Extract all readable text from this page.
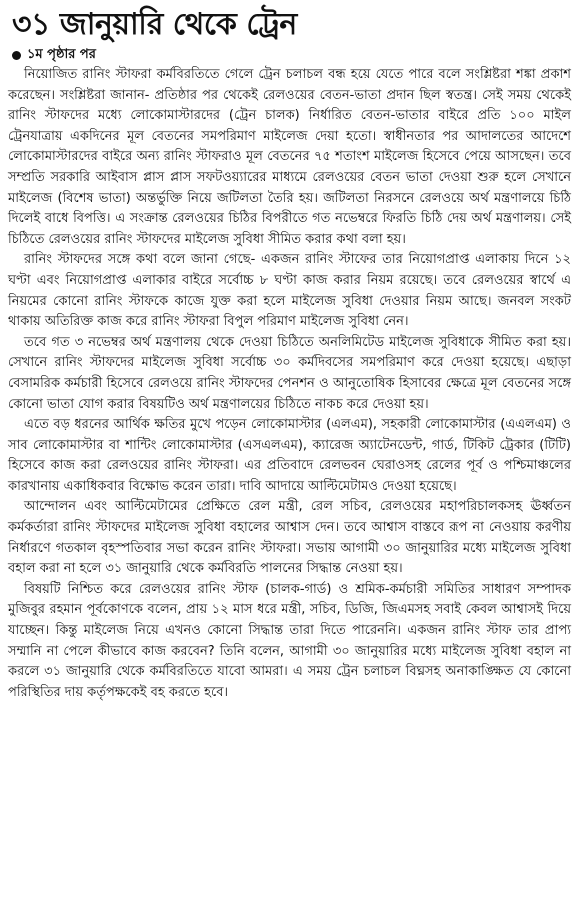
৩১ জানুয়ারি থেকে ট্রেন
১ম পৃষ্ঠার পর

নিয়োজিত রানিং স্টাফরা কর্মবিরতিতে গেলে ট্রেন চলাচল বন্ধ হয়ে যেতে পারে বলে সংশ্লিষ্টরা শঙ্কা প্রকাশ করেছেন। সংশ্লিষ্টরা জানান- প্রতিষ্ঠার পর থেকেই রেলওয়ের বেতন-ভাতা প্রদান ছিল স্বতন্ত্র। সেই সময় থেকেই রানিং স্টাফদের মধ্যে লোকোমাস্টারদের (ট্রেন চালক) নির্ধারিত বেতন-ভাতার বাইরে প্রতি ১০০ মাইল ট্রেনযাত্রায় একদিনের মূল বেতনের সমপরিমাণ মাইলেজ দেয়া হতো। স্বাধীনতার পর আদালতের আদেশে লোকোমাস্টারদের বাইরে অন্য রানিং স্টাফরাও মূল বেতনের ৭৫ শতাংশ মাইলেজ হিসেবে পেয়ে আসছেন। তবে সম্প্রতি সরকারি আইবাস প্লাস প্লাস সফটওয়্যারের মাধ্যমে রেলওয়ের বেতন ভাতা দেওয়া শুরু হলে সেখানে মাইলেজ (বিশেষ ভাতা) অন্তর্ভুক্তি নিয়ে জটিলতা তৈরি হয়। জটিলতা নিরসনে রেলওয়ে অর্থ মন্ত্রণালয়ে চিঠি দিলেই বাধে বিপত্তি। এ সংক্রান্ত রেলওয়ের চিঠির বিপরীতে গত নভেম্বরে ফিরতি চিঠি দেয় অর্থ মন্ত্রণালয়। সেই চিঠিতে রেলওয়ের রানিং স্টাফদের মাইলেজ সুবিধা সীমিত করার কথা বলা হয়।

রানিং স্টাফদের সঙ্গে কথা বলে জানা গেছে- একজন রানিং স্টাফের তার নিয়োগপ্রাপ্ত এলাকায় দিনে ১২ ঘণ্টা এবং নিয়োগপ্রাপ্ত এলাকার বাইরে সর্বোচ্চ ৮ ঘণ্টা কাজ করার নিয়ম রয়েছে। তবে রেলওয়ের স্বার্থে এ নিয়মের কোনো রানিং স্টাফকে কাজে যুক্ত করা হলে মাইলেজ সুবিধা দেওয়ার নিয়ম আছে। জনবল সংকট থাকায় অতিরিক্ত কাজ করে রানিং স্টাফরা বিপুল পরিমাণ মাইলেজ সুবিধা নেন।

তবে গত ৩ নভেম্বর অর্থ মন্ত্রণালয় থেকে দেওয়া চিঠিতে অনলিমিটেড মাইলেজ সুবিধাকে সীমিত করা হয়। সেখানে রানিং স্টাফদের মাইলেজ সুবিধা সর্বোচ্চ ৩০ কর্মদিবসের সমপরিমাণ করে দেওয়া হয়েছে। এছাড়া বেসামরিক কর্মচারী হিসেবে রেলওয়ে রানিং স্টাফদের পেনশন ও আনুতোষিক হিসাবের ক্ষেত্রে মূল বেতনের সঙ্গে কোনো ভাতা যোগ করার বিষয়টিও অর্থ মন্ত্রণালয়ের চিঠিতে নাকচ করে দেওয়া হয়।

এতে বড় ধরনের আর্থিক ক্ষতির মুখে পড়েন লোকোমাস্টার (এলএম), সহকারী লোকোমাস্টার (এএলএম) ও সাব লোকোমাস্টার বা শান্টিং লোকোমাস্টার (এসএলএম), ক্যারেজ অ্যাটেনডেন্ট, গার্ড, টিকিট ট্রেকার (টিটি) হিসেবে কাজ করা রেলওয়ের রানিং স্টাফরা। এর প্রতিবাদে রেলভবন ঘেরাওসহ রেলের পূর্ব ও পশ্চিমাঞ্চলের কারখানায় একাধিকবার বিক্ষোভ করেন তারা। দাবি আদায়ে আল্টিমেটামও দেওয়া হয়েছে।

আন্দোলন এবং আল্টিমেটামের প্রেক্ষিতে রেল মন্ত্রী, রেল সচিব, রেলওয়ের মহাপরিচালকসহ ঊর্ধ্বতন কর্মকর্তারা রানিং স্টাফদের মাইলেজ সুবিধা বহালের আশ্বাস দেন। তবে আশ্বাস বাস্তবে রূপ না নেওয়ায় করণীয় নির্ধারণে গতকাল বৃহস্পতিবার সভা করেন রানিং স্টাফরা। সভায় আগামী ৩০ জানুয়ারির মধ্যে মাইলেজ সুবিধা বহাল করা না হলে ৩১ জানুয়ারি থেকে কর্মবিরতি পালনের সিদ্ধান্ত নেওয়া হয়।

বিষয়টি নিশ্চিত করে রেলওয়ের রানিং স্টাফ (চালক-গার্ড) ও শ্রমিক-কর্মচারী সমিতির সাধারণ সম্পাদক মুজিবুর রহমান পূর্বকোণকে বলেন, প্রায় ১২ মাস ধরে মন্ত্রী, সচিব, ডিজি, জিএমসহ সবাই কেবল আশ্বাসই দিয়ে যাচ্ছেন। কিন্তু মাইলেজ নিয়ে এখনও কোনো সিদ্ধান্ত তারা দিতে পারেননি। একজন রানিং স্টাফ তার প্রাপ্য সম্মানি না পেলে কীভাবে কাজ করবেন? তিনি বলেন, আগামী ৩০ জানুয়ারির মধ্যে মাইলেজ সুবিধা বহাল না করলে ৩১ জানুয়ারি থেকে কর্মবিরতিতে যাবো আমরা। এ সময় ট্রেন চলাচল বিঘ্নসহ অনাকাঙ্ক্ষিত যে কোনো পরিস্থিতির দায় কর্তৃপক্ষকেই বহ করতে হবে।
